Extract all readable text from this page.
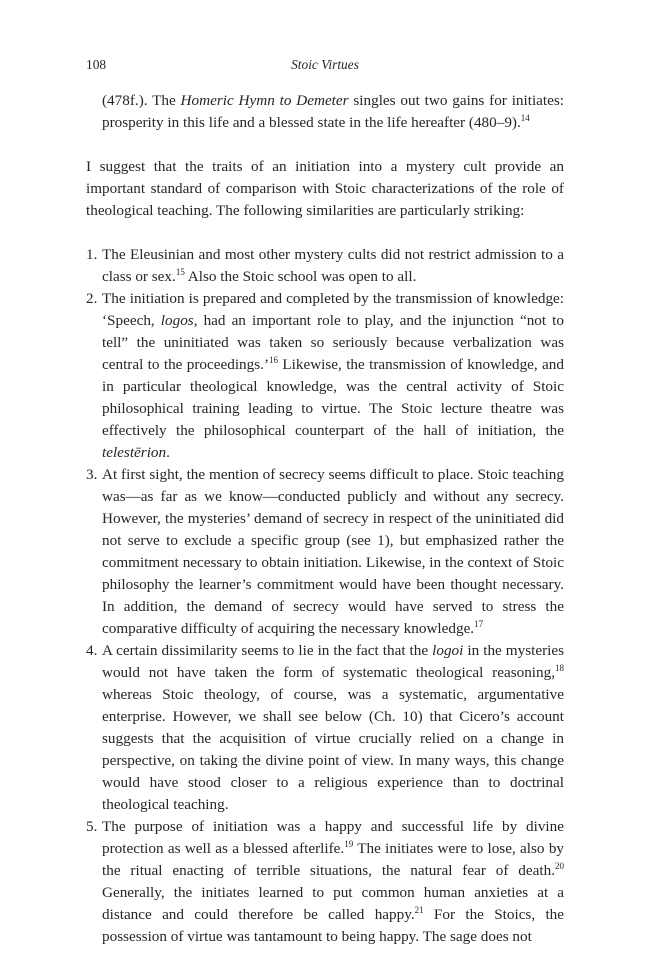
108	Stoic Virtues

(478f.). The Homeric Hymn to Demeter singles out two gains for initiates: prosperity in this life and a blessed state in the life hereafter (480–9).$^{14}$

I suggest that the traits of an initiation into a mystery cult provide an important standard of comparison with Stoic characterizations of the role of theological teaching. The following similarities are particularly striking:

1. The Eleusinian and most other mystery cults did not restrict admission to a class or sex.$^{15}$ Also the Stoic school was open to all.
2. The initiation is prepared and completed by the transmission of knowledge: ‘Speech, logos, had an important role to play, and the injunction “not to tell” the uninitiated was taken so seriously because verbalization was central to the proceedings.’$^{16}$ Likewise, the transmission of knowledge, and in particular theological knowledge, was the central activity of Stoic philosophical training leading to virtue. The Stoic lecture theatre was effectively the philosophical counterpart of the hall of initiation, the telestērion.
3. At first sight, the mention of secrecy seems difficult to place. Stoic teaching was—as far as we know—conducted publicly and without any secrecy. However, the mysteries’ demand of secrecy in respect of the uninitiated did not serve to exclude a specific group (see 1), but emphasized rather the commitment necessary to obtain initiation. Likewise, in the context of Stoic philosophy the learner’s commitment would have been thought necessary. In addition, the demand of secrecy would have served to stress the comparative difficulty of acquiring the necessary knowledge.$^{17}$
4. A certain dissimilarity seems to lie in the fact that the logoi in the mysteries would not have taken the form of systematic theological reasoning,$^{18}$ whereas Stoic theology, of course, was a systematic, argumentative enterprise. However, we shall see below (Ch. 10) that Cicero’s account suggests that the acquisition of virtue crucially relied on a change in perspective, on taking the divine point of view. In many ways, this change would have stood closer to a religious experience than to doctrinal theological teaching.
5. The purpose of initiation was a happy and successful life by divine protection as well as a blessed afterlife.$^{19}$ The initiates were to lose, also by the ritual enacting of terrible situations, the natural fear of death.$^{20}$ Generally, the initiates learned to put common human anxieties at a distance and could therefore be called happy.$^{21}$ For the Stoics, the possession of virtue was tantamount to being happy. The sage does not
